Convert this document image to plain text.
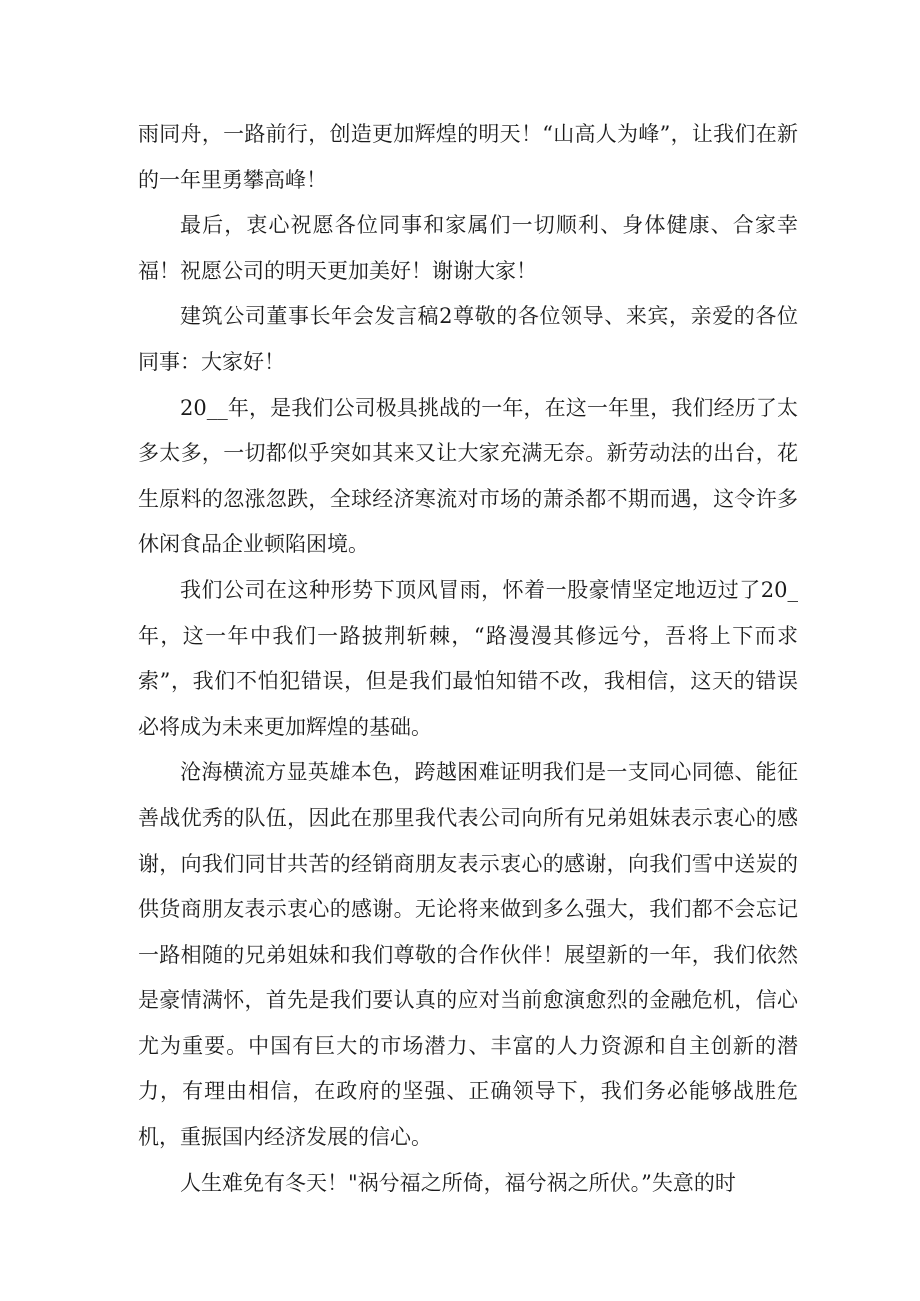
雨同舟，一路前行，创造更加辉煌的明天！“山高人为峰”，让我们在新的一年里勇攀高峰！

最后，衷心祝愿各位同事和家属们一切顺利、身体健康、合家幸福！祝愿公司的明天更加美好！谢谢大家！

建筑公司董事长年会发言稿2尊敬的各位领导、来宾，亲爱的各位同事：大家好！

20__年，是我们公司极具挑战的一年，在这一年里，我们经历了太多太多，一切都似乎突如其来又让大家充满无奈。新劳动法的出台，花生原料的忽涨忽跌，全球经济寒流对市场的萧杀都不期而遇，这令许多休闲食品企业顿陷困境。

我们公司在这种形势下顶风冒雨，怀着一股豪情坚定地迈过了20_年，这一年中我们一路披荆斩棘，“路漫漫其修远兮，吾将上下而求索”，我们不怕犯错误，但是我们最怕知错不改，我相信，这天的错误必将成为未来更加辉煌的基础。

沧海横流方显英雄本色，跨越困难证明我们是一支同心同德、能征善战优秀的队伍，因此在那里我代表公司向所有兄弟姐妹表示衷心的感谢，向我们同甘共苦的经销商朋友表示衷心的感谢，向我们雪中送炭的供货商朋友表示衷心的感谢。无论将来做到多么强大，我们都不会忘记一路相随的兄弟姐妹和我们尊敬的合作伙伴！展望新的一年，我们依然是豪情满怀，首先是我们要认真的应对当前愈演愈烈的金融危机，信心尤为重要。中国有巨大的市场潜力、丰富的人力资源和自主创新的潜力，有理由相信，在政府的坚强、正确领导下，我们务必能够战胜危机，重振国内经济发展的信心。

人生难免有冬天！"祸兮福之所倚，福兮祸之所伏。”失意的时
